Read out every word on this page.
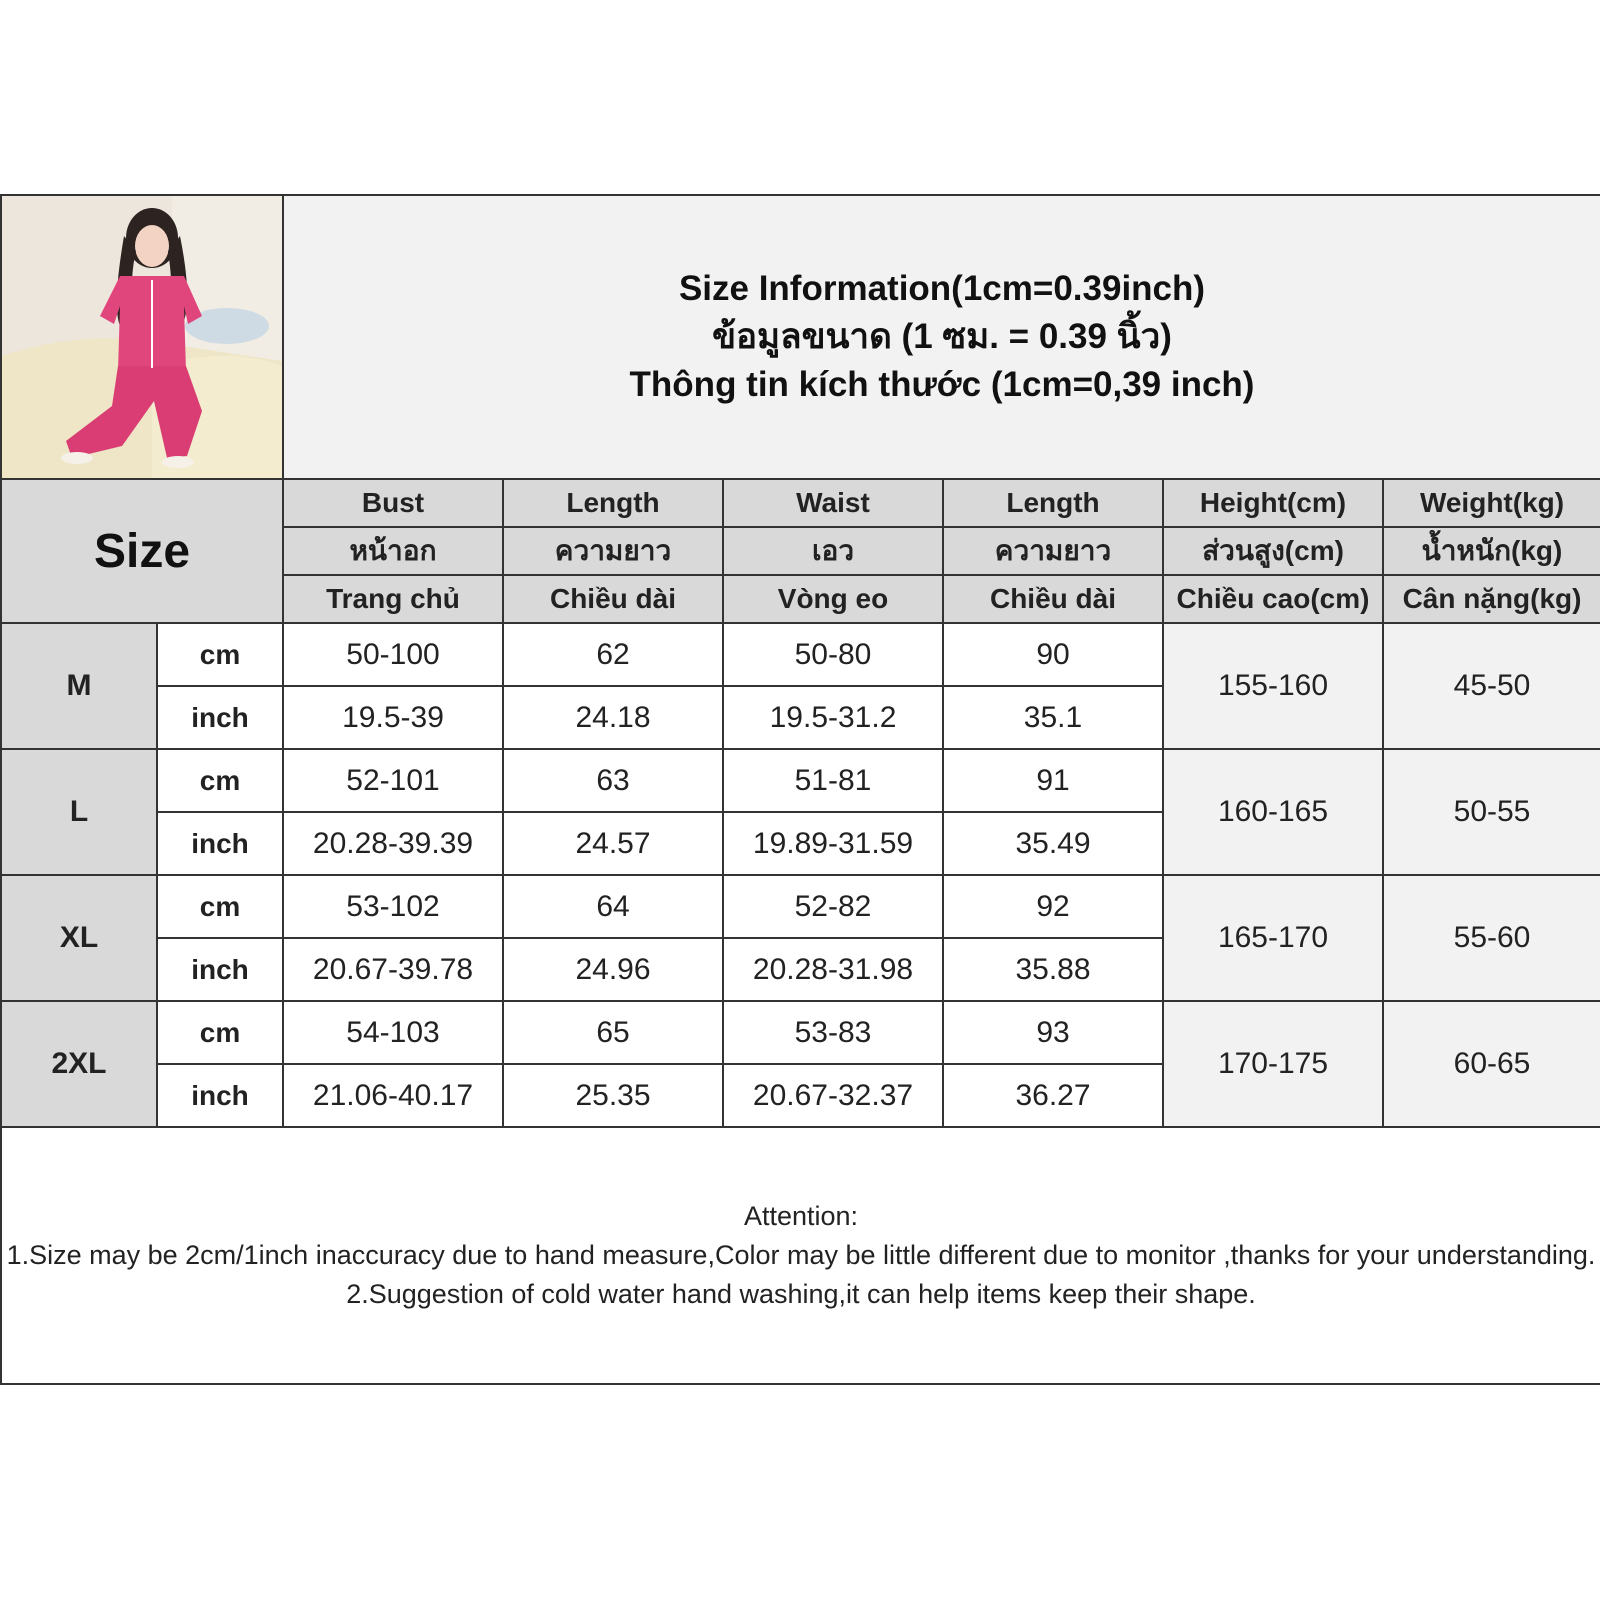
Size Information(1cm=0.39inch)
ข้อมูลขนาด (1 ซม. = 0.39 นิ้ว)
Thông tin kích thước (1cm=0,39 inch)					

Size		Bust	Length	Waist	Length	Height(cm)	Weight(kg)
		หน้าอก	ความยาว	เอว	ความยาว	ส่วนสูง(cm)	น้ำหนัก(kg)
		Trang chủ	Chiều dài	Vòng eo	Chiều dài	Chiều cao(cm)	Cân nặng(kg)
M	cm	50-100	62	50-80	90	155-160	45-50
	inch	19.5-39	24.18	19.5-31.2	35.1		
L	cm	52-101	63	51-81	91	160-165	50-55
	inch	20.28-39.39	24.57	19.89-31.59	35.49		
XL	cm	53-102	64	52-82	92	165-170	55-60
	inch	20.67-39.78	24.96	20.28-31.98	35.88		
2XL	cm	54-103	65	53-83	93	170-175	60-65
	inch	21.06-40.17	25.35	20.67-32.37	36.27		

Attention:
1.Size may be 2cm/1inch inaccuracy due to hand measure,Color may be little different due to monitor ,thanks for your understanding.
2.Suggestion of cold water hand washing,it can help items keep their shape.							
